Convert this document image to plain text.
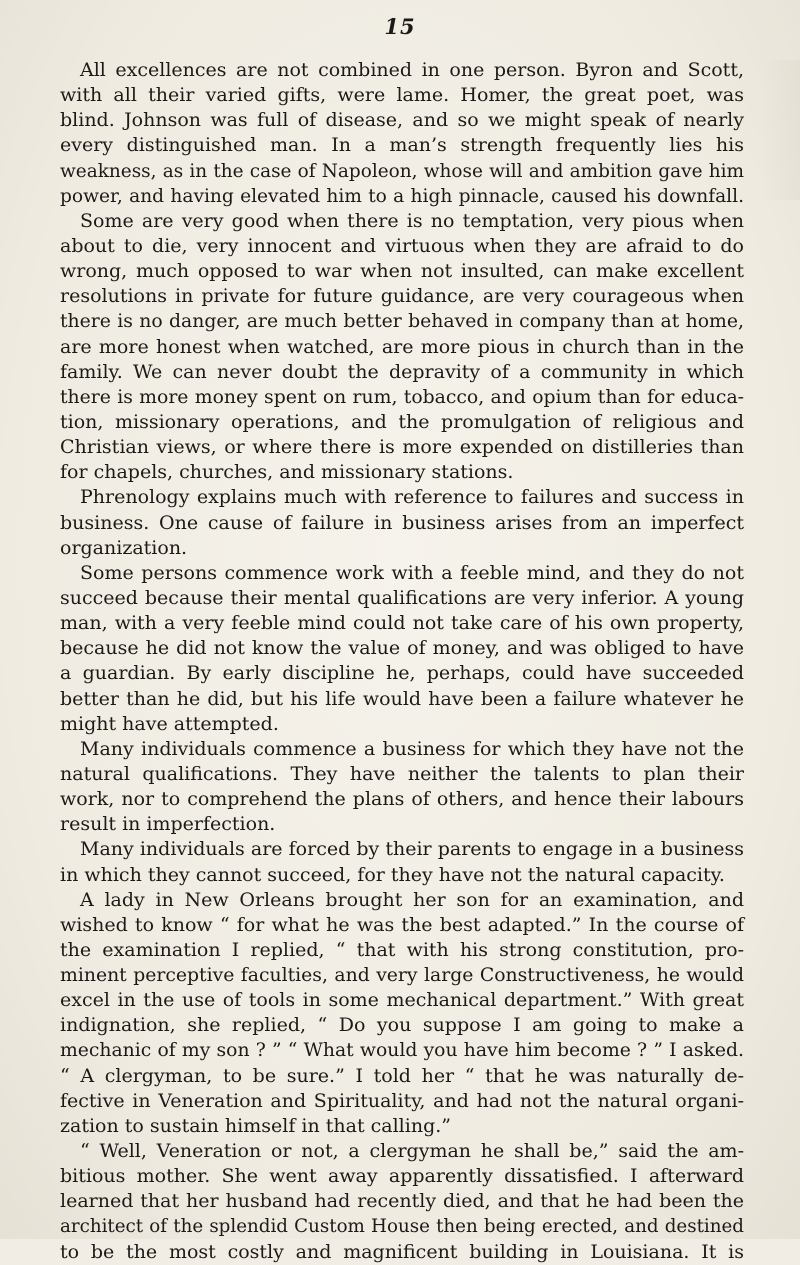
15
All excellences are not combined in one person. Byron and Scott,
with all their varied gifts, were lame. Homer, the great poet, was
blind. Johnson was full of disease, and so we might speak of nearly
every distinguished man. In a man’s strength frequently lies his
weakness, as in the case of Napoleon, whose will and ambition gave him
power, and having elevated him to a high pinnacle, caused his downfall.
Some are very good when there is no temptation, very pious when
about to die, very innocent and virtuous when they are afraid to do
wrong, much opposed to war when not insulted, can make excellent
resolutions in private for future guidance, are very courageous when
there is no danger, are much better behaved in company than at home,
are more honest when watched, are more pious in church than in the
family. We can never doubt the depravity of a community in which
there is more money spent on rum, tobacco, and opium than for educa-
tion, missionary operations, and the promulgation of religious and
Christian views, or where there is more expended on distilleries than
for chapels, churches, and missionary stations.
Phrenology explains much with reference to failures and success in
business. One cause of failure in business arises from an imperfect
organization.
Some persons commence work with a feeble mind, and they do not
succeed because their mental qualifications are very inferior. A young
man, with a very feeble mind could not take care of his own property,
because he did not know the value of money, and was obliged to have
a guardian. By early discipline he, perhaps, could have succeeded
better than he did, but his life would have been a failure whatever he
might have attempted.
Many individuals commence a business for which they have not the
natural qualifications. They have neither the talents to plan their
work, nor to comprehend the plans of others, and hence their labours
result in imperfection.
Many individuals are forced by their parents to engage in a business
in which they cannot succeed, for they have not the natural capacity.
A lady in New Orleans brought her son for an examination, and
wished to know “ for what he was the best adapted.” In the course of
the examination I replied, “ that with his strong constitution, pro-
minent perceptive faculties, and very large Constructiveness, he would
excel in the use of tools in some mechanical department.” With great
indignation, she replied, “ Do you suppose I am going to make a
mechanic of my son ? ” “ What would you have him become ? ” I asked.
“ A clergyman, to be sure.” I told her “ that he was naturally de-
fective in Veneration and Spirituality, and had not the natural organi-
zation to sustain himself in that calling.”
“ Well, Veneration or not, a clergyman he shall be,” said the am-
bitious mother. She went away apparently dissatisfied. I afterward
learned that her husband had recently died, and that he had been the
architect of the splendid Custom House then being erected, and destined
to be the most costly and magnificent building in Louisiana. It is
